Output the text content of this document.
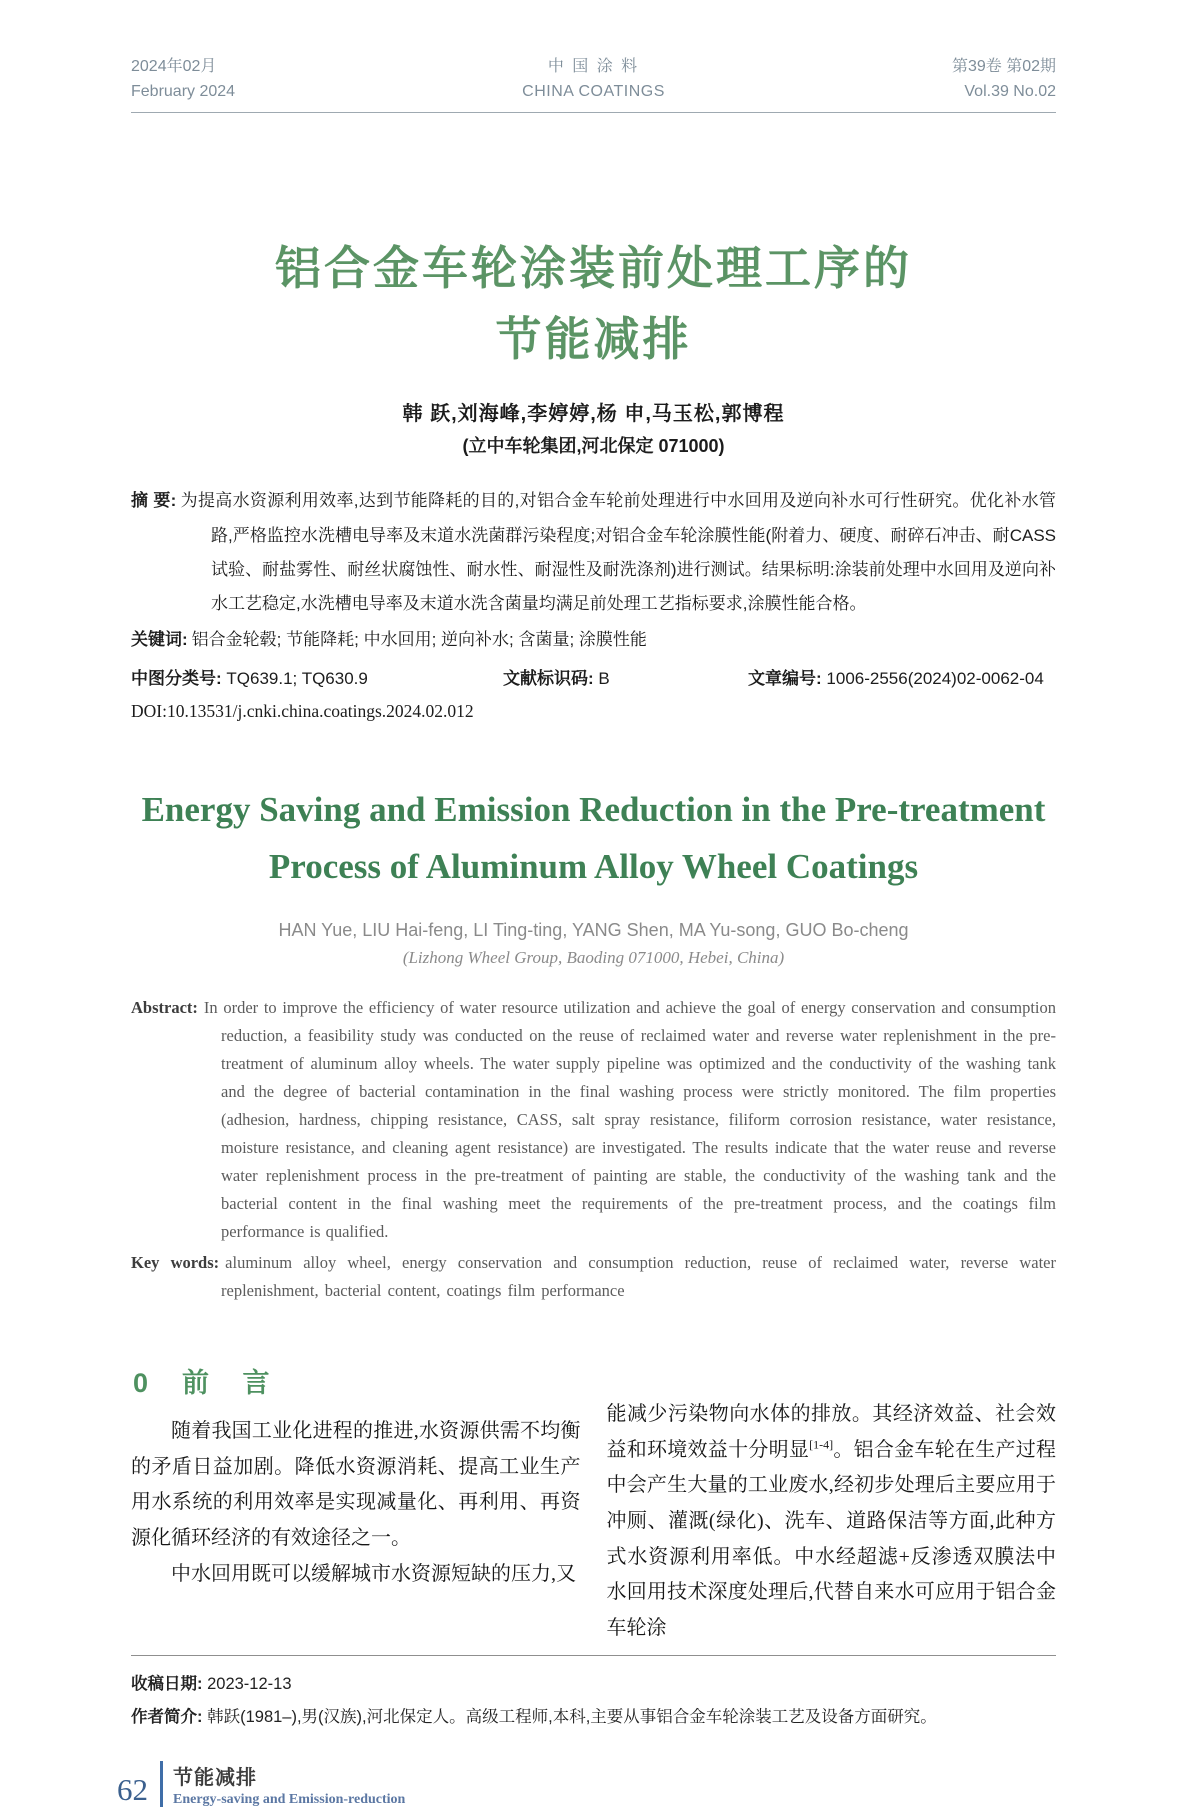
2024年02月
February 2024
中 国 涂 料
CHINA COATINGS
第39卷 第02期
Vol.39 No.02
铝合金车轮涂装前处理工序的
节能减排
韩 跃,刘海峰,李婷婷,杨 申,马玉松,郭博程
(立中车轮集团,河北保定 071000)

摘 要: 为提高水资源利用效率,达到节能降耗的目的,对铝合金车轮前处理进行中水回用及逆向补水可行性研究。优化补水管路,严格监控水洗槽电导率及末道水洗菌群污染程度;对铝合金车轮涂膜性能(附着力、硬度、耐碎石冲击、耐CASS试验、耐盐雾性、耐丝状腐蚀性、耐水性、耐湿性及耐洗涤剂)进行测试。结果标明:涂装前处理中水回用及逆向补水工艺稳定,水洗槽电导率及末道水洗含菌量均满足前处理工艺指标要求,涂膜性能合格。

关键词: 铝合金轮毂; 节能降耗; 中水回用; 逆向补水; 含菌量; 涂膜性能

中图分类号: TQ639.1; TQ630.9	文献标识码: B	文章编号: 1006-2556(2024)02-0062-04
DOI:10.13531/j.cnki.china.coatings.2024.02.012
Energy Saving and Emission Reduction in the Pre-treatment
Process of Aluminum Alloy Wheel Coatings
HAN Yue, LIU Hai-feng, LI Ting-ting, YANG Shen, MA Yu-song, GUO Bo-cheng
(Lizhong Wheel Group, Baoding 071000, Hebei, China)

Abstract: In order to improve the efficiency of water resource utilization and achieve the goal of energy conservation and consumption reduction, a feasibility study was conducted on the reuse of reclaimed water and reverse water replenishment in the pre-treatment of aluminum alloy wheels. The water supply pipeline was optimized and the conductivity of the washing tank and the degree of bacterial contamination in the final washing process were strictly monitored. The film properties (adhesion, hardness, chipping resistance, CASS, salt spray resistance, filiform corrosion resistance, water resistance, moisture resistance, and cleaning agent resistance) are investigated. The results indicate that the water reuse and reverse water replenishment process in the pre-treatment of painting are stable, the conductivity of the washing tank and the bacterial content in the final washing meet the requirements of the pre-treatment process, and the coatings film performance is qualified.

Key words: aluminum alloy wheel, energy conservation and consumption reduction, reuse of reclaimed water, reverse water replenishment, bacterial content, coatings film performance

0 前 言

随着我国工业化进程的推进,水资源供需不均衡的矛盾日益加剧。降低水资源消耗、提高工业生产用水系统的利用效率是实现减量化、再利用、再资源化循环经济的有效途径之一。

中水回用既可以缓解城市水资源短缺的压力,又

能减少污染物向水体的排放。其经济效益、社会效益和环境效益十分明显[1-4]。铝合金车轮在生产过程中会产生大量的工业废水,经初步处理后主要应用于冲厕、灌溉(绿化)、洗车、道路保洁等方面,此种方式水资源利用率低。中水经超滤+反渗透双膜法中水回用技术深度处理后,代替自来水可应用于铝合金车轮涂

收稿日期: 2023-12-13
作者简介: 韩跃(1981–),男(汉族),河北保定人。高级工程师,本科,主要从事铝合金车轮涂装工艺及设备方面研究。
62 节能减排
Energy-saving and Emission-reduction
